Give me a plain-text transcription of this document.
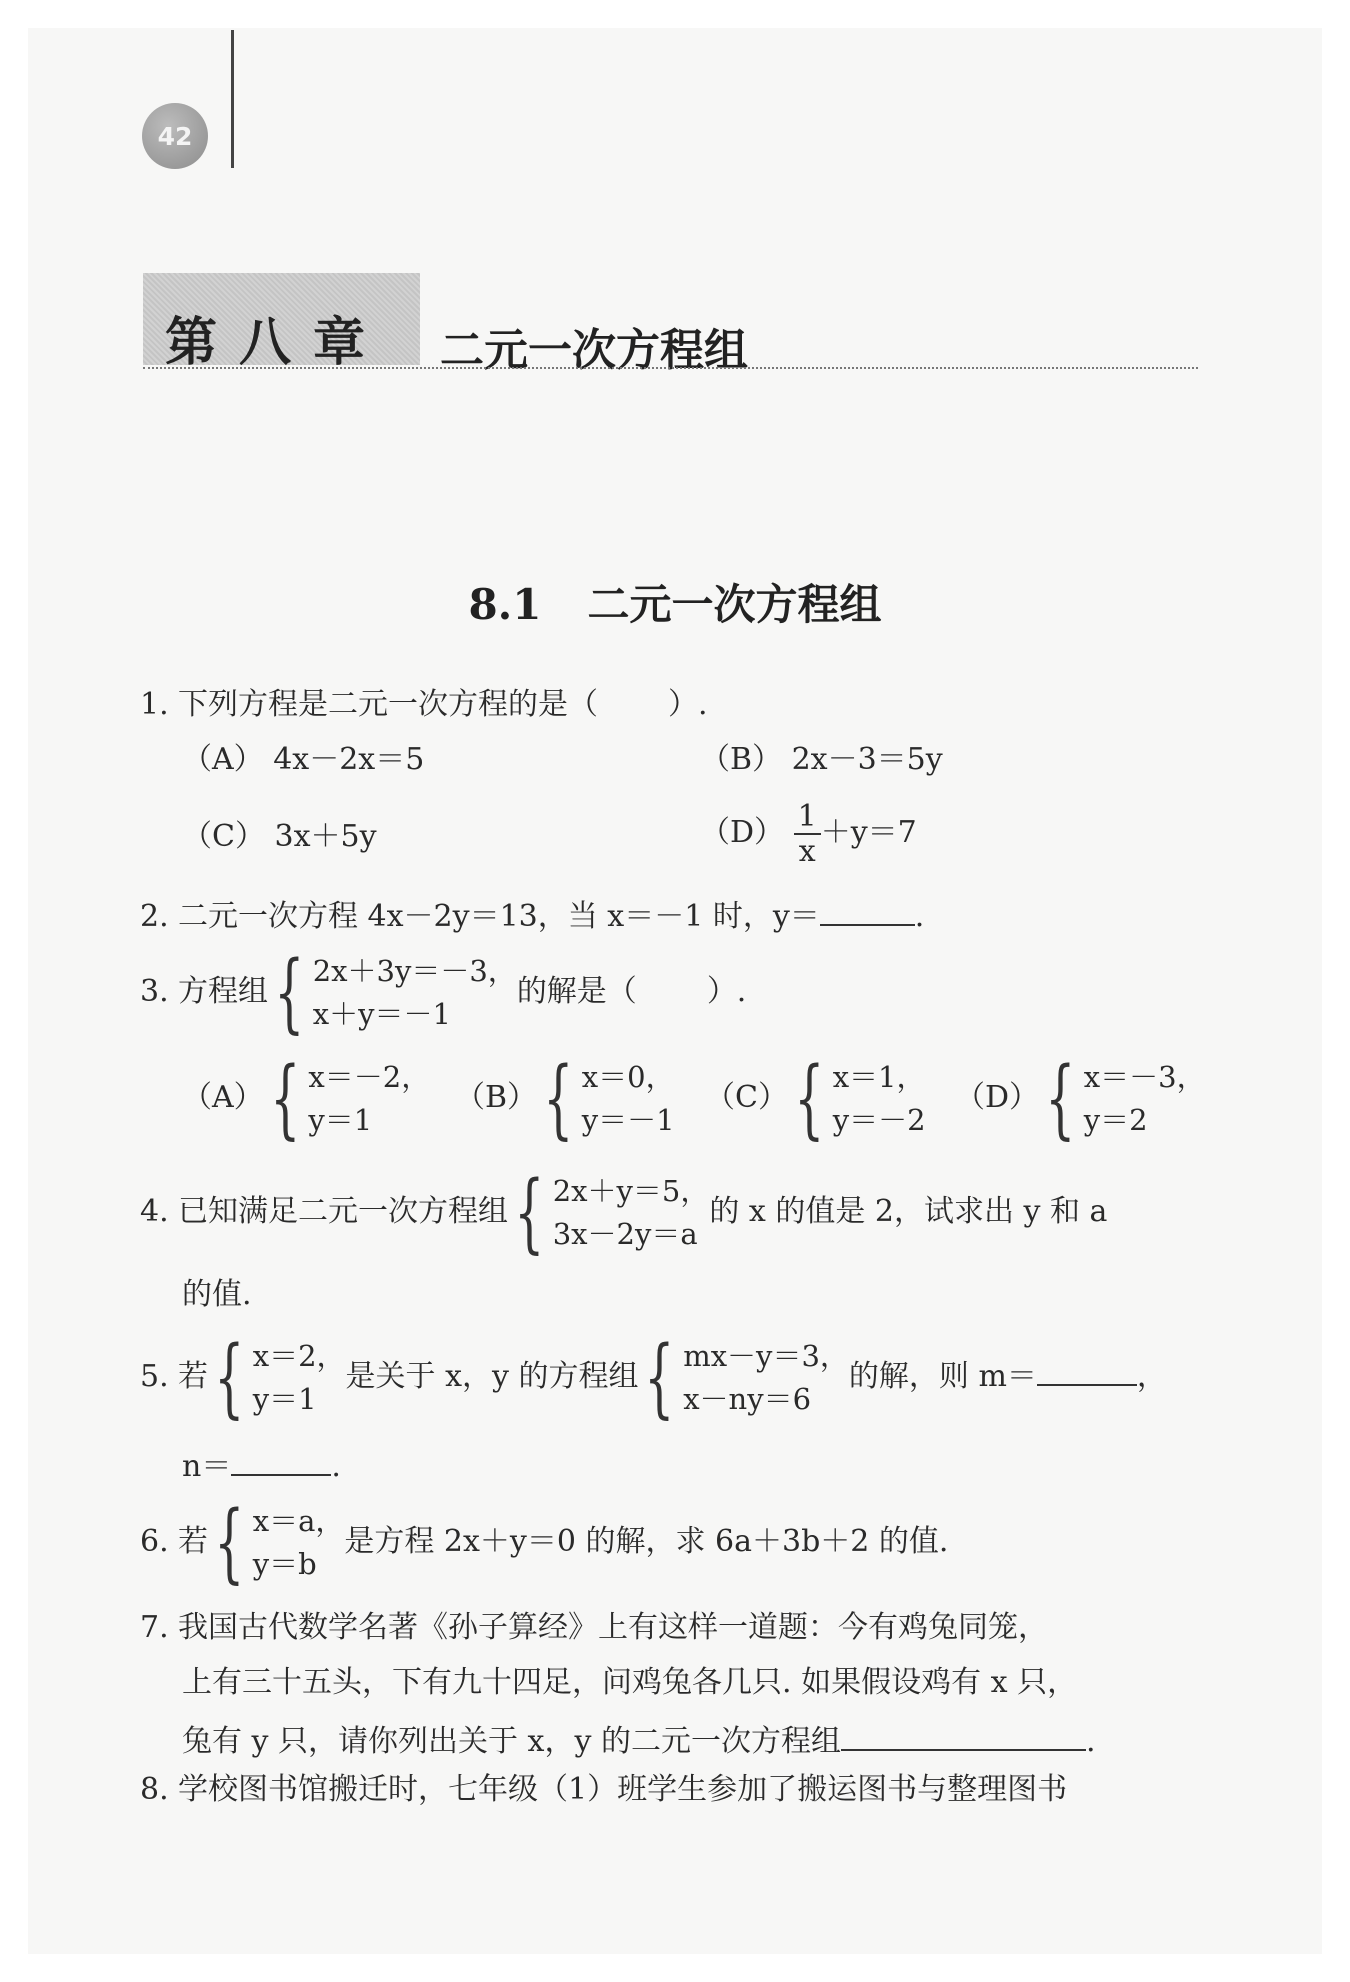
42
第八章 二元一次方程组
8.1 二元一次方程组
1. 下列方程是二元一次方程的是（ ）.
（A） 4x－2x＝5	（B） 2x－3＝5y
（C） 3x＋5y	$(D) \frac{1}{x} +y=7$
2. 二元一次方程 4x－2y＝13，当 x＝－1 时，y＝	.
3. 方程组 { 2x＋3y＝－3，
x＋y＝－1
的解是（ ）.
（A） { x＝－2，
y＝1
（B） { x＝0，
y＝－1
（C） { x＝1，
y＝－2
（D） { x＝－3，
y＝2
4. 已知满足二元一次方程组 { 2x＋y＝5，
3x－2y＝a
的 x 的值是 2，试求出 y 和 a
的值.
5. 若 { x＝2，
y＝1
是关于 x，y 的方程组 { mx－y＝3，
x－ny＝6
的解，则 m＝	，
n＝	.
6. 若 { x＝a，
y＝b
是方程 2x＋y＝0 的解，求 6a＋3b＋2 的值.
7. 我国古代数学名著《孙子算经》上有这样一道题：今有鸡兔同笼，
上有三十五头，下有九十四足，问鸡兔各几只. 如果假设鸡有 x 只，
兔有 y 只，请你列出关于 x，y 的二元一次方程组	.
8. 学校图书馆搬迁时，七年级（1）班学生参加了搬运图书与整理图书
